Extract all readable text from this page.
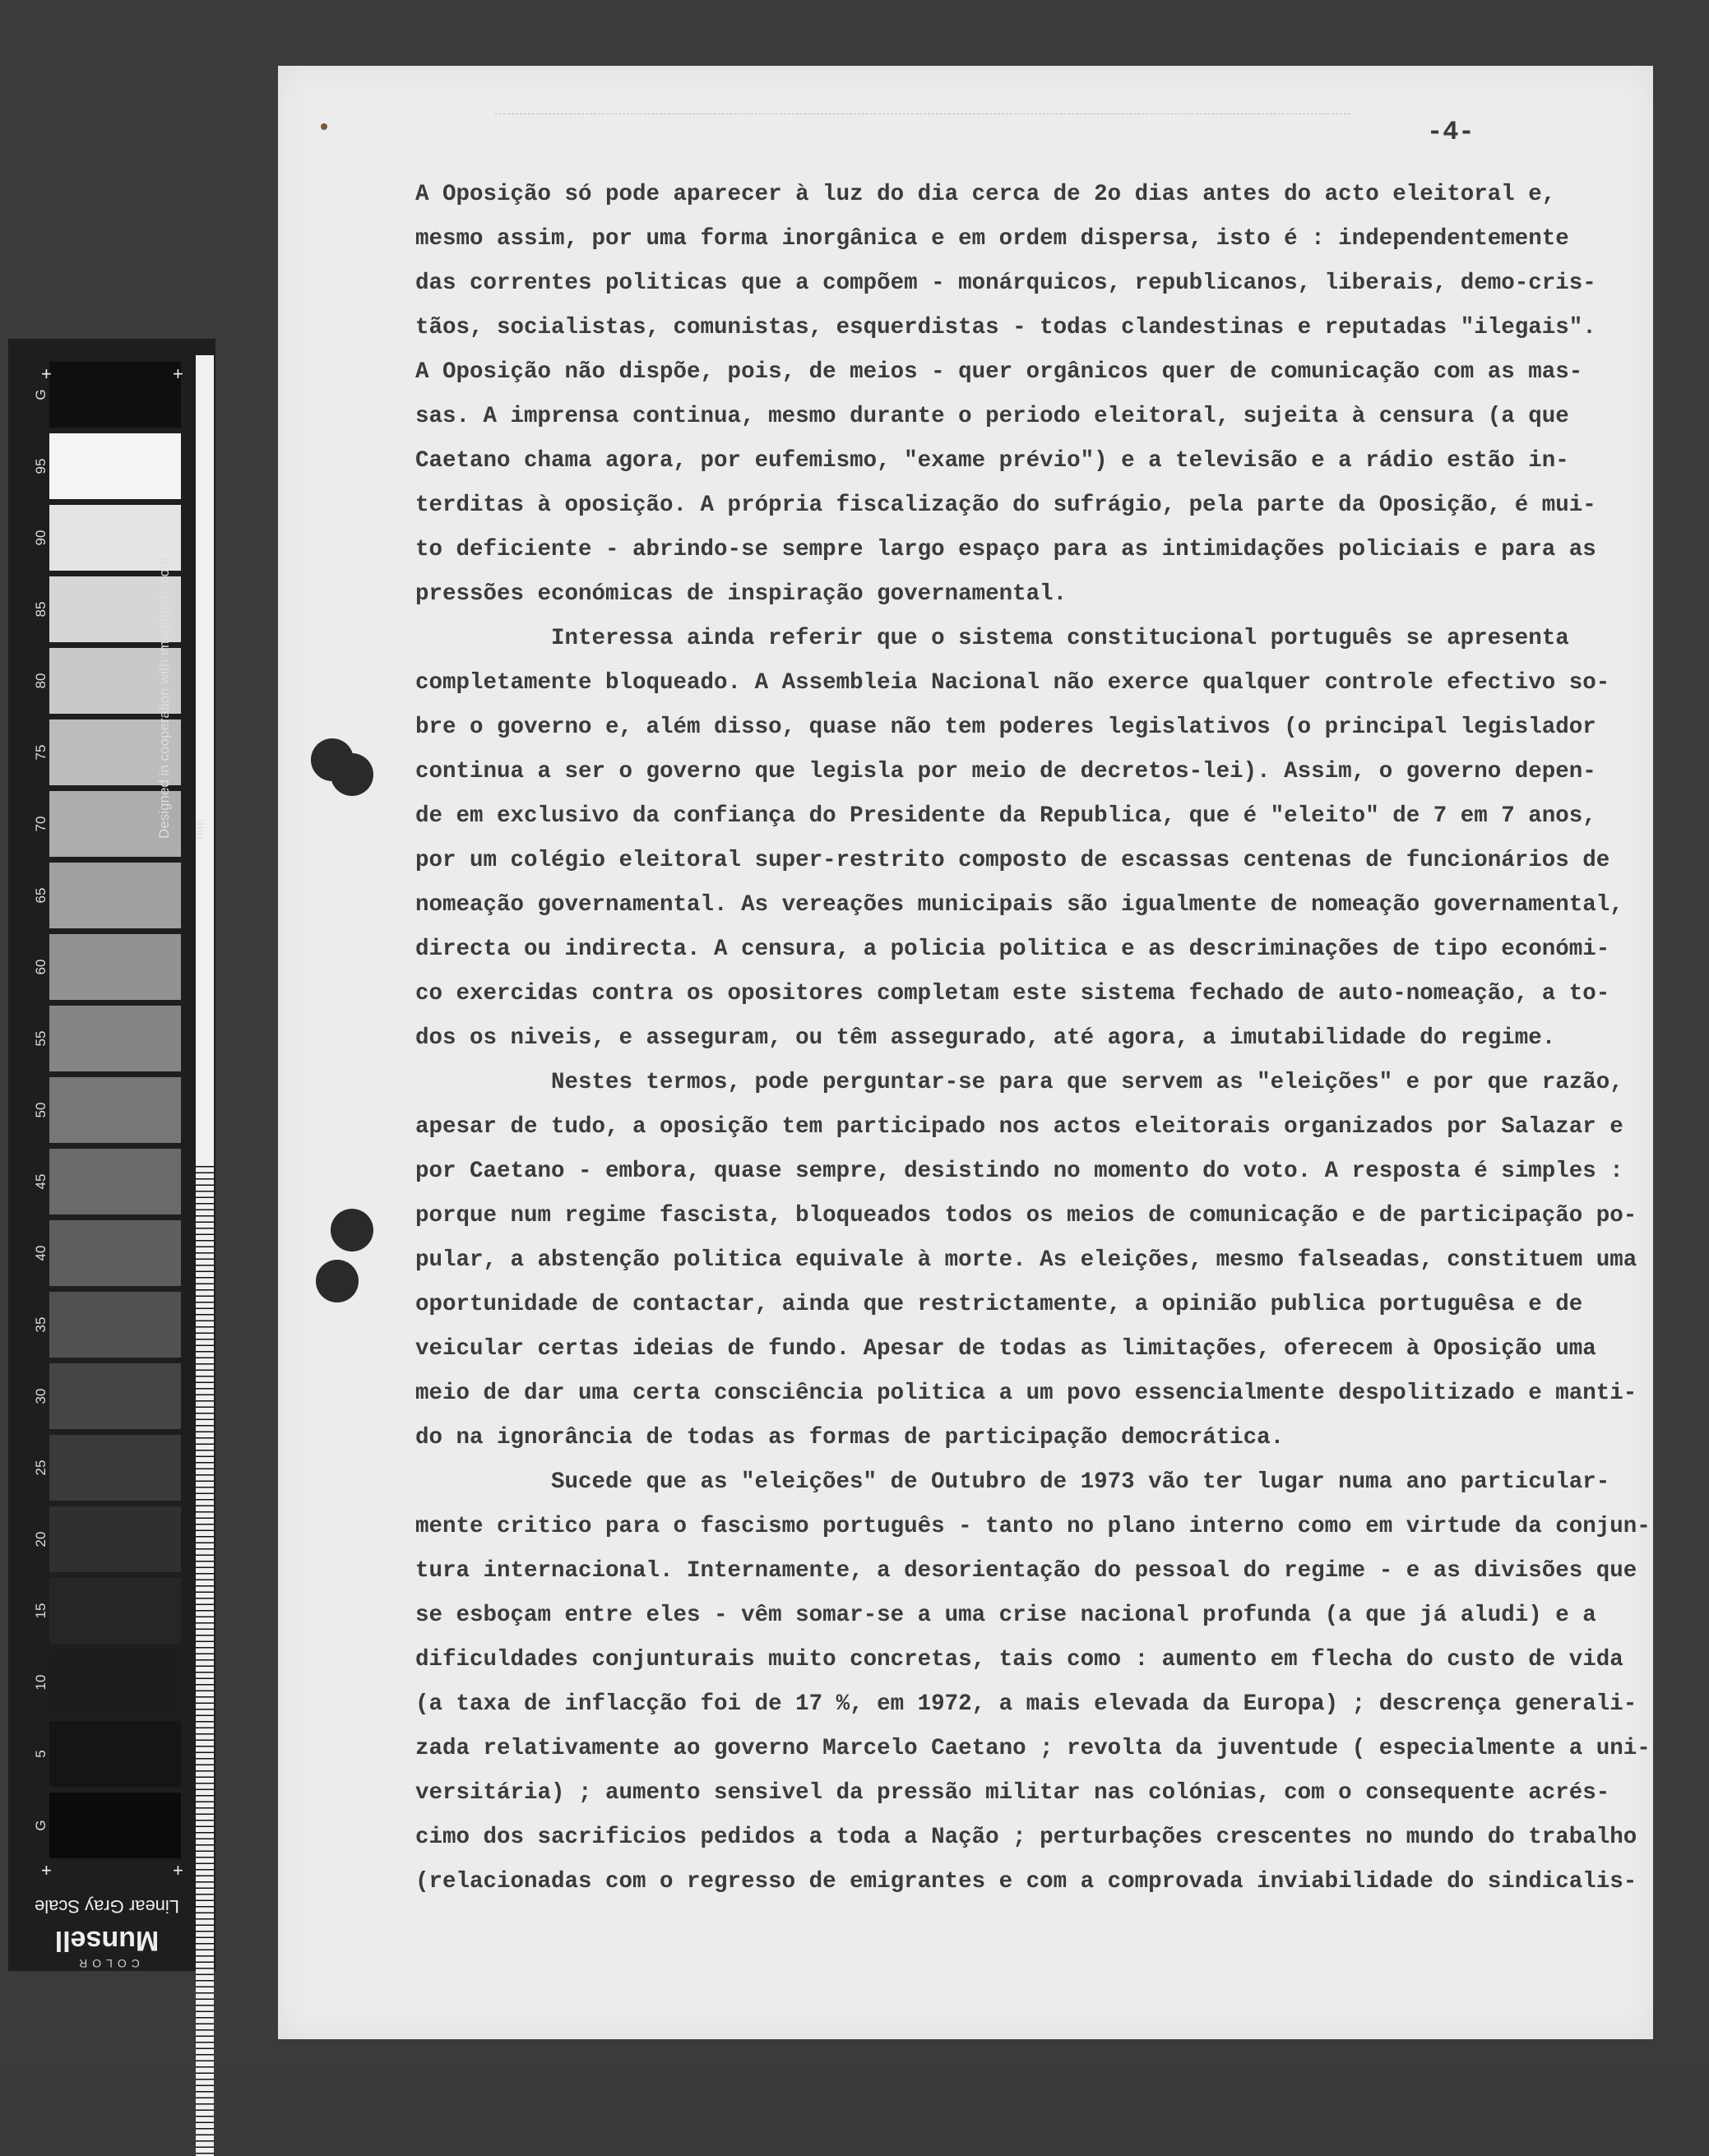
G
95
90
85
80
75
70
65
60
55
50
45
40
35
30
25
20
15
10
5
G
+	+
+	+
Designed in cooperation with imagingetc.com mm
Linear Gray Scale
COLOR
Munsell
-4-

A Oposição só pode aparecer à luz do dia cerca de 2o dias antes do acto eleitoral e,
mesmo assim, por uma forma inorgânica e em ordem dispersa, isto é : independentemente
das correntes politicas que a compõem - monárquicos, republicanos, liberais, demo-cris-
tãos, socialistas, comunistas, esquerdistas - todas clandestinas e reputadas "ilegais".
A Oposição não dispõe, pois, de meios - quer orgânicos quer de comunicação com as mas-
sas. A imprensa continua, mesmo durante o periodo eleitoral, sujeita à censura (a que
Caetano chama agora, por eufemismo, "exame prévio") e a televisão e a rádio estão in-
terditas à oposição. A própria fiscalização do sufrágio, pela parte da Oposição, é mui-
to deficiente - abrindo-se sempre largo espaço para as intimidações policiais e para as
pressões económicas de inspiração governamental.

Interessa ainda referir que o sistema constitucional português se apresenta
completamente bloqueado. A Assembleia Nacional não exerce qualquer controle efectivo so-
bre o governo e, além disso, quase não tem poderes legislativos (o principal legislador
continua a ser o governo que legisla por meio de decretos-lei). Assim, o governo depen-
de em exclusivo da confiança do Presidente da Republica, que é "eleito" de 7 em 7 anos,
por um colégio eleitoral super-restrito composto de escassas centenas de funcionários de
nomeação governamental. As vereações municipais são igualmente de nomeação governamental,
directa ou indirecta. A censura, a policia politica e as descriminações de tipo económi-
co exercidas contra os opositores completam este sistema fechado de auto-nomeação, a to-
dos os niveis, e asseguram, ou têm assegurado, até agora, a imutabilidade do regime.

Nestes termos, pode perguntar-se para que servem as "eleições" e por que razão,
apesar de tudo, a oposição tem participado nos actos eleitorais organizados por Salazar e
por Caetano - embora, quase sempre, desistindo no momento do voto. A resposta é simples :
porque num regime fascista, bloqueados todos os meios de comunicação e de participação po-
pular, a abstenção politica equivale à morte. As eleições, mesmo falseadas, constituem uma
oportunidade de contactar, ainda que restrictamente, a opinião publica portuguêsa e de
veicular certas ideias de fundo. Apesar de todas as limitações, oferecem à Oposição uma
meio de dar uma certa consciência politica a um povo essencialmente despolitizado e manti-
do na ignorância de todas as formas de participação democrática.

Sucede que as "eleições" de Outubro de 1973 vão ter lugar numa ano particular-
mente critico para o fascismo português - tanto no plano interno como em virtude da conjun-
tura internacional. Internamente, a desorientação do pessoal do regime - e as divisões que
se esboçam entre eles - vêm somar-se a uma crise nacional profunda (a que já aludi) e a
dificuldades conjunturais muito concretas, tais como : aumento em flecha do custo de vida
(a taxa de inflacção foi de 17 %, em 1972, a mais elevada da Europa) ; descrença generali-
zada relativamente ao governo Marcelo Caetano ; revolta da juventude ( especialmente a uni-
versitária) ; aumento sensivel da pressão militar nas colónias, com o consequente acrés-
cimo dos sacrificios pedidos a toda a Nação ; perturbações crescentes no mundo do trabalho
(relacionadas com o regresso de emigrantes e com a comprovada inviabilidade do sindicalis-
